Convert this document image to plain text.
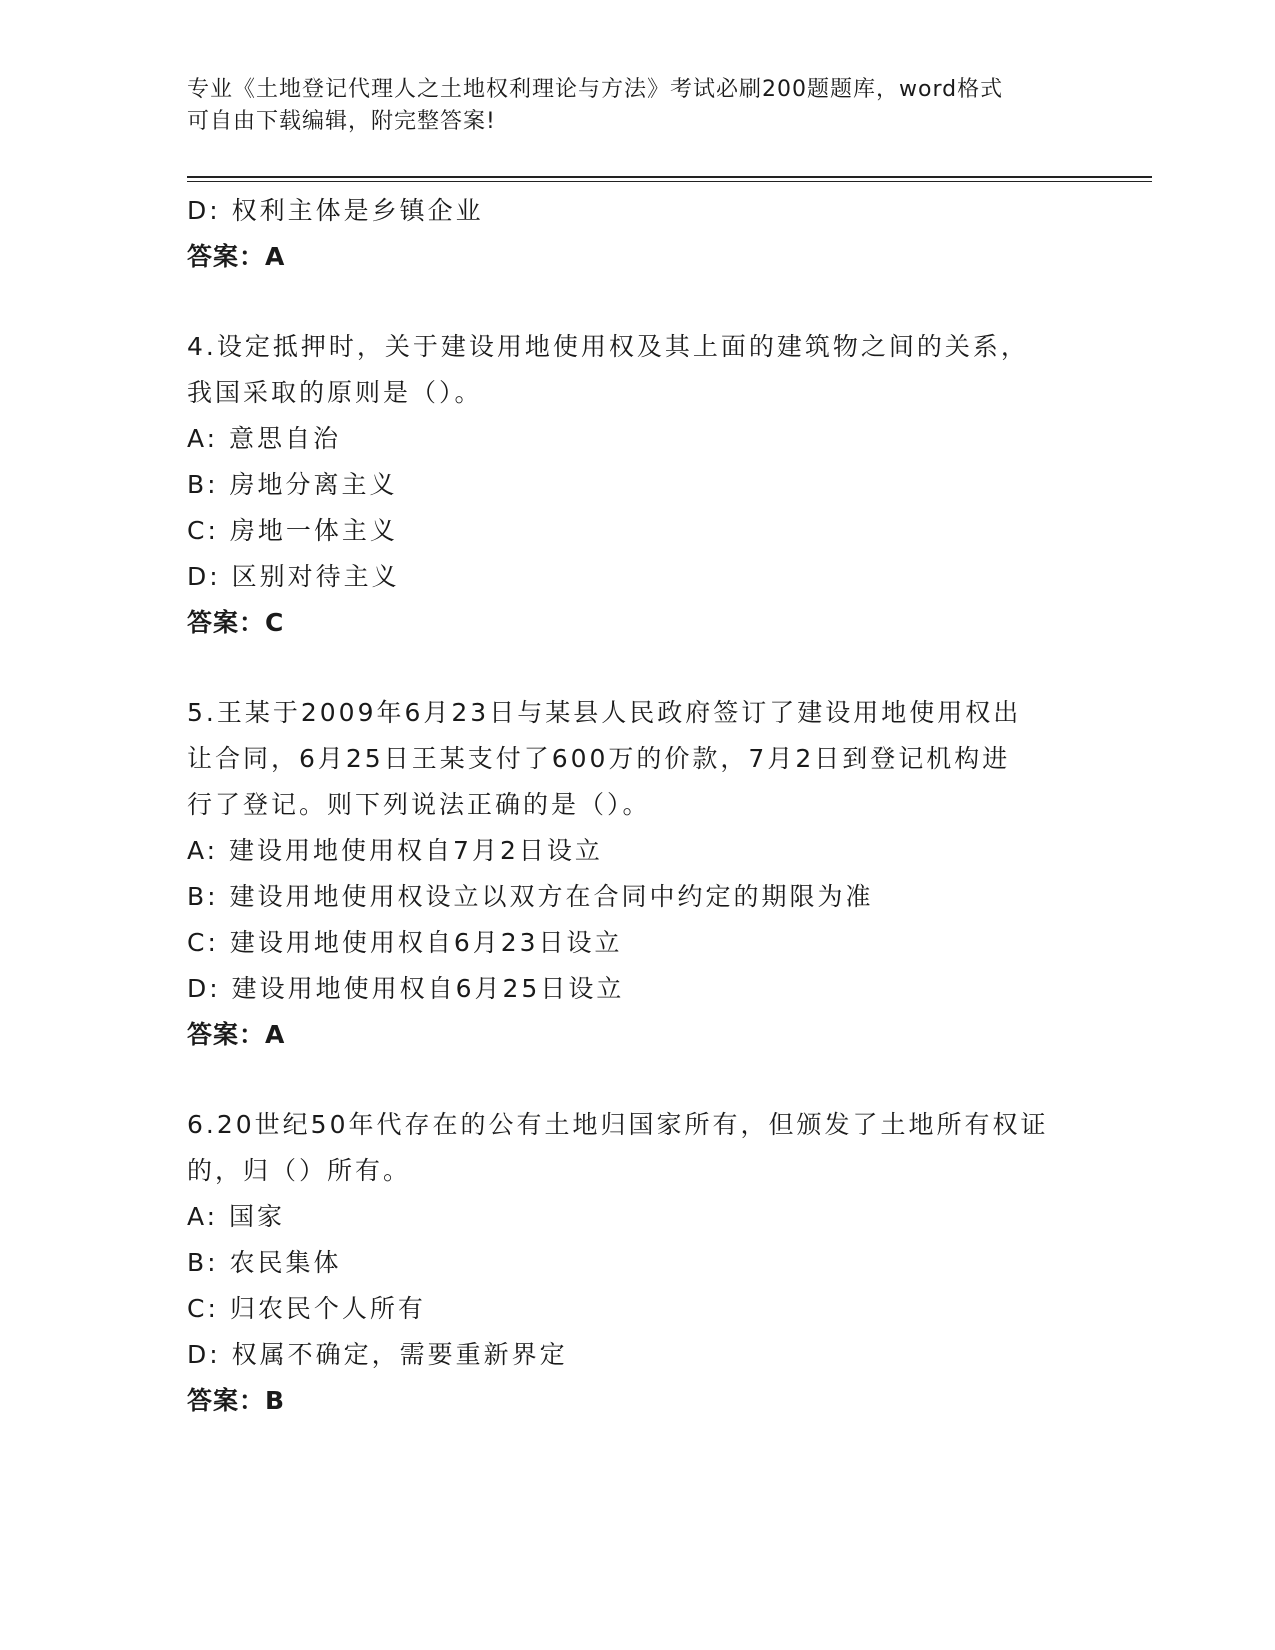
专业《土地登记代理人之土地权利理论与方法》考试必刷200题题库，word格式
可自由下载编辑，附完整答案!
D: 权利主体是乡镇企业
答案：A
4.设定抵押时，关于建设用地使用权及其上面的建筑物之间的关系，
我国采取的原则是（）。
A: 意思自治
B: 房地分离主义
C: 房地一体主义
D: 区别对待主义
答案：C
5.王某于2009年6月23日与某县人民政府签订了建设用地使用权出
让合同，6月25日王某支付了600万的价款，7月2日到登记机构进
行了登记。则下列说法正确的是（）。
A: 建设用地使用权自7月2日设立
B: 建设用地使用权设立以双方在合同中约定的期限为准
C: 建设用地使用权自6月23日设立
D: 建设用地使用权自6月25日设立
答案：A
6.20世纪50年代存在的公有土地归国家所有，但颁发了土地所有权证
的，归（）所有。
A: 国家
B: 农民集体
C: 归农民个人所有
D: 权属不确定，需要重新界定
答案：B
